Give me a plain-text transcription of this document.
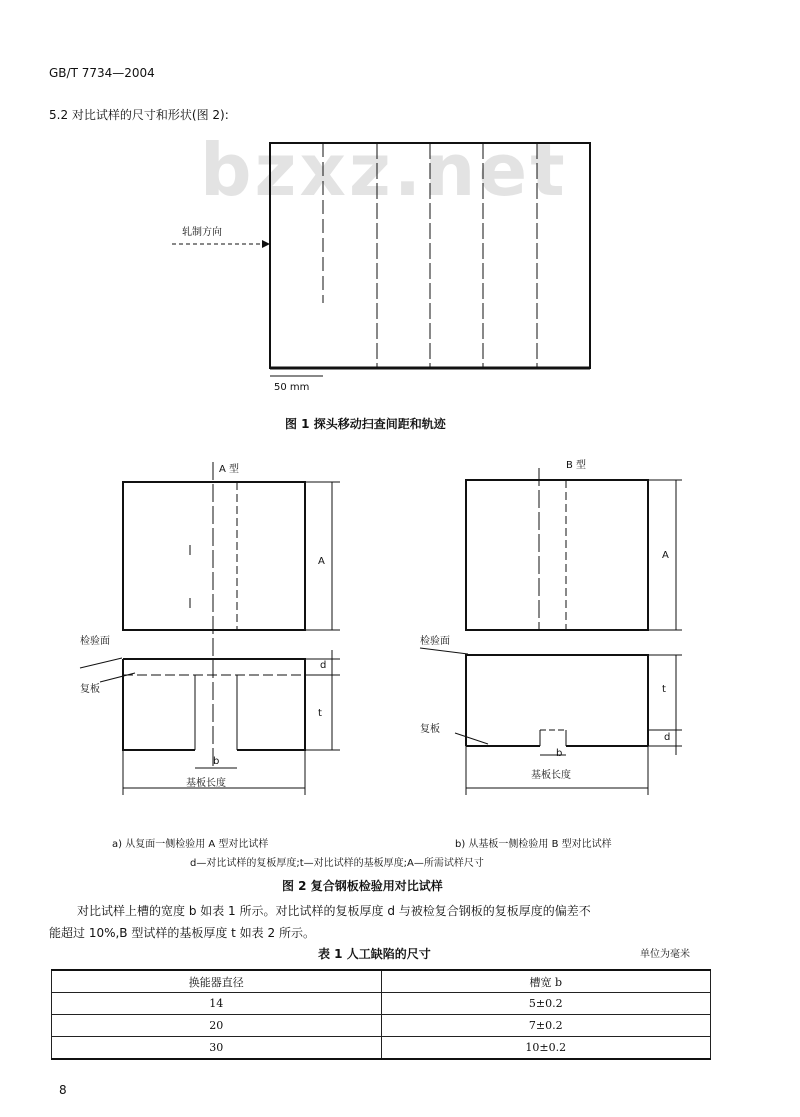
GB/T 7734—2004
5.2 对比试样的尺寸和形状(图 2):
bzxz.net
轧制方向
50 mm
图 1 探头移动扫查间距和轨迹
A 型	B 型
检验面
复板
A
d
t
b
基板长度
检验面
复板
A
t
d
b
基板长度
a) 从复面一侧检验用 A 型对比试样	b) 从基板一侧检验用 B 型对比试样
d—对比试样的复板厚度;t—对比试样的基板厚度;A—所需试样尺寸
图 2 复合钢板检验用对比试样
对比试样上槽的宽度 b 如表 1 所示。对比试样的复板厚度 d 与被检复合钢板的复板厚度的偏差不
能超过 10%,B 型试样的基板厚度 t 如表 2 所示。
表 1 人工缺陷的尺寸	单位为毫米
换能器直径	槽宽 b
14	5±0.2
20	7±0.2
30	10±0.2
8
